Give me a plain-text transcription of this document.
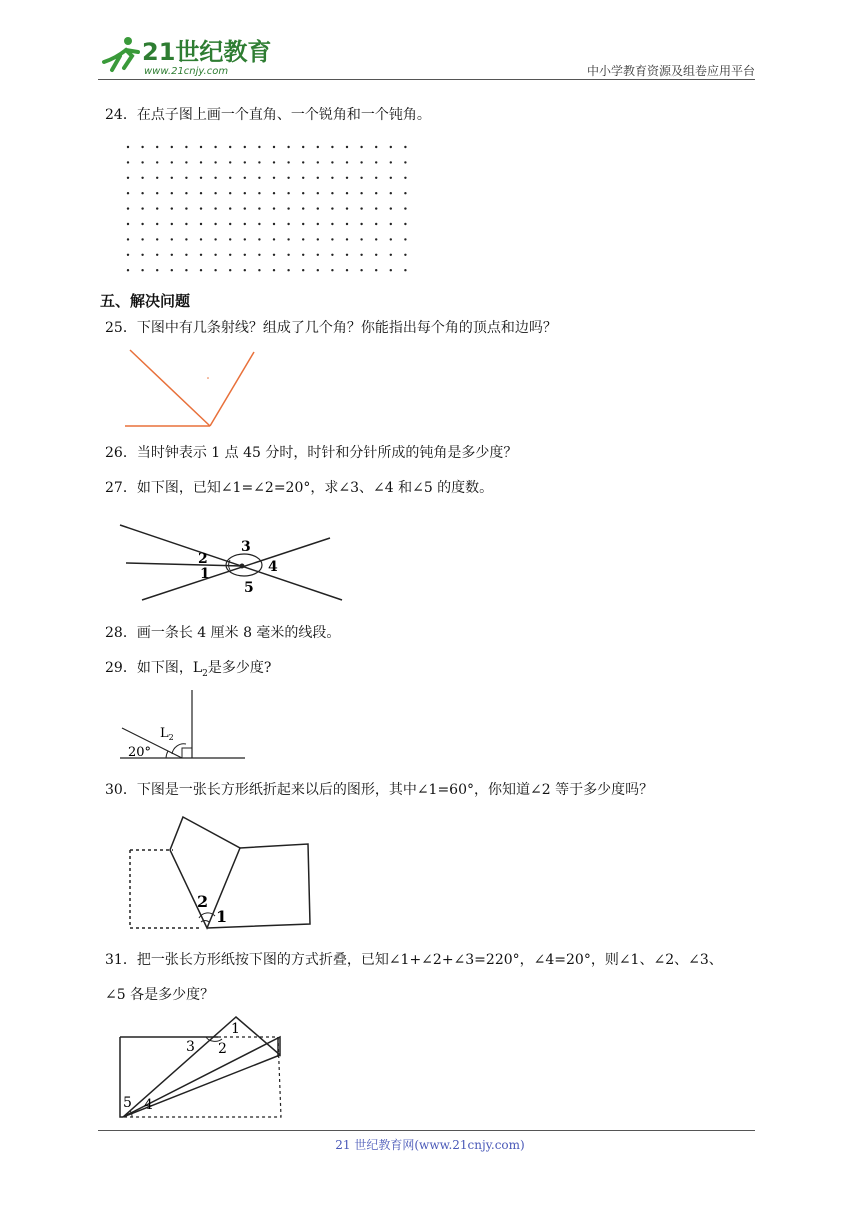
21世纪教育
www.21cnjy.com	中小学教育资源及组卷应用平台
24．在点子图上画一个直角、一个锐角和一个钝角。
五、解决问题
25．下图中有几条射线？组成了几个角？你能指出每个角的顶点和边吗？
26．当时钟表示 1 点 45 分时，时针和分针所成的钝角是多少度？
27．如下图，已知∠1=∠2=20°，求∠3、∠4 和∠5 的度数。
2
1
3
4
5
28．画一条长 4 厘米 8 毫米的线段。
29．如下图，$L_2$是多少度?
20°
$L_2$
30．下图是一张长方形纸折起来以后的图形，其中∠1=60°，你知道∠2 等于多少度吗？
2
1
31．把一张长方形纸按下图的方式折叠，已知∠1+∠2+∠3=220°，∠4=20°，则∠1、∠2、∠3、
∠5 各是多少度？
1
2
3
4
5
21 世纪教育网(www.21cnjy.com)
